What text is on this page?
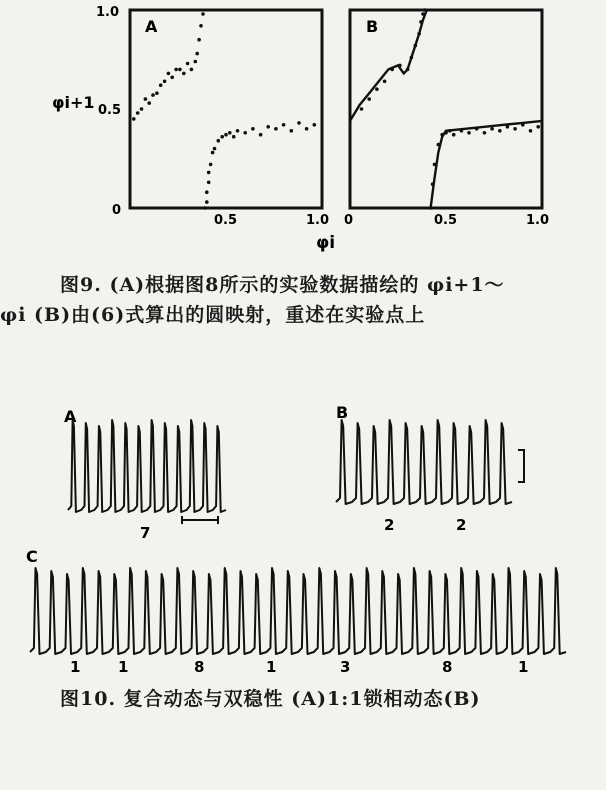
A	B
φi+1
1.0
0.5
0
0.5	1.0 0	0.5	1.0
φi
图9. (A)根据图8所示的实验数据描绘的 φi+1～
φi (B)由(6)式算出的圆映射，重述在实验点上
A	B
C
7	2	2
1	1	8	1	3	8	1
图10. 复合动态与双稳性 (A)1:1锁相动态(B)
